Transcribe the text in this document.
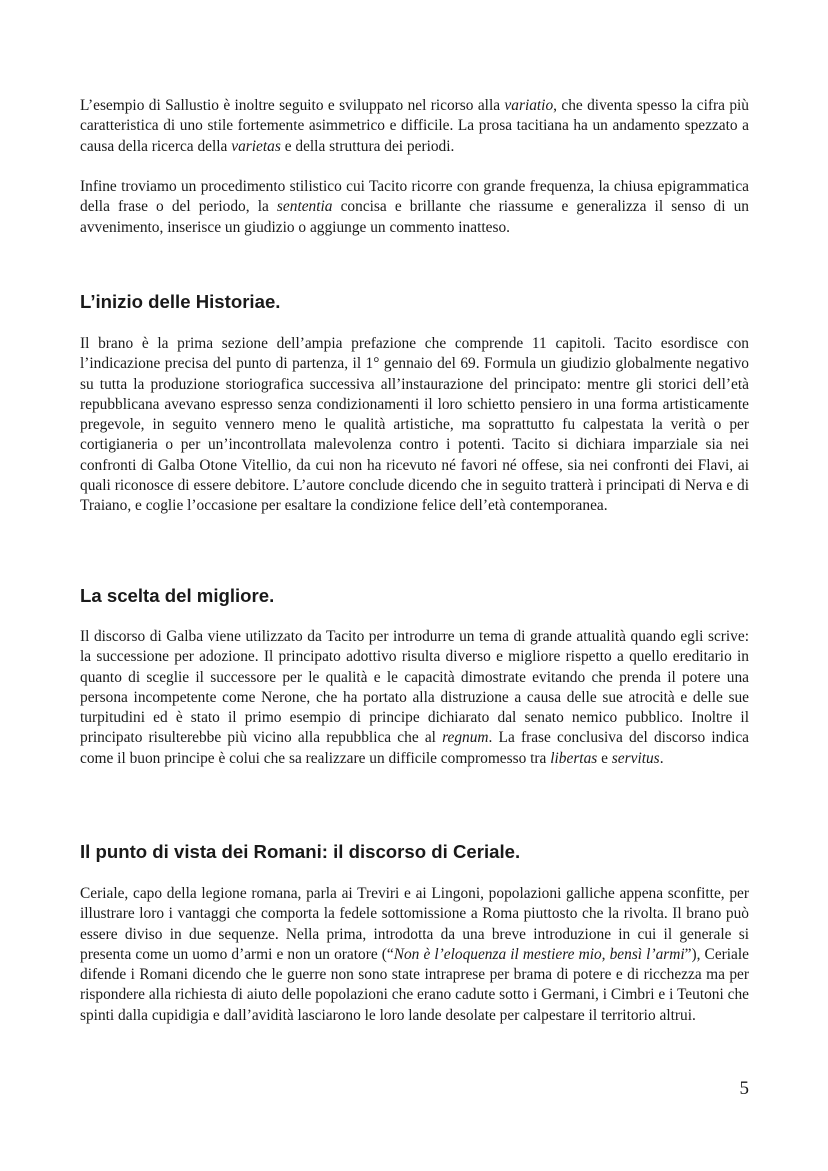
L’esempio di Sallustio è inoltre seguito e sviluppato nel ricorso alla variatio, che diventa spesso la cifra più caratteristica di uno stile fortemente asimmetrico e difficile. La prosa tacitiana ha un andamento spezzato a causa della ricerca della varietas e della struttura dei periodi.

Infine troviamo un procedimento stilistico cui Tacito ricorre con grande frequenza, la chiusa epigrammatica della frase o del periodo, la sententia concisa e brillante che riassume e generalizza il senso di un avvenimento, inserisce un giudizio o aggiunge un commento inatteso.

L’inizio delle Historiae.

Il brano è la prima sezione dell’ampia prefazione che comprende 11 capitoli. Tacito esordisce con l’indicazione precisa del punto di partenza, il 1° gennaio del 69. Formula un giudizio globalmente negativo su tutta la produzione storiografica successiva all’instaurazione del principato: mentre gli storici dell’età repubblicana avevano espresso senza condizionamenti il loro schietto pensiero in una forma artisticamente pregevole, in seguito vennero meno le qualità artistiche, ma soprattutto fu calpestata la verità o per cortigianeria o per un’incontrollata malevolenza contro i potenti. Tacito si dichiara imparziale sia nei confronti di Galba Otone Vitellio, da cui non ha ricevuto né favori né offese, sia nei confronti dei Flavi, ai quali riconosce di essere debitore. L’autore conclude dicendo che in seguito tratterà i principati di Nerva e di Traiano, e coglie l’occasione per esaltare la condizione felice dell’età contemporanea.

La scelta del migliore.

Il discorso di Galba viene utilizzato da Tacito per introdurre un tema di grande attualità quando egli scrive: la successione per adozione. Il principato adottivo risulta diverso e migliore rispetto a quello ereditario in quanto di sceglie il successore per le qualità e le capacità dimostrate evitando che prenda il potere una persona incompetente come Nerone, che ha portato alla distruzione a causa delle sue atrocità e delle sue turpitudini ed è stato il primo esempio di principe dichiarato dal senato nemico pubblico. Inoltre il principato risulterebbe più vicino alla repubblica che al regnum. La frase conclusiva del discorso indica come il buon principe è colui che sa realizzare un difficile compromesso tra libertas e servitus.

Il punto di vista dei Romani: il discorso di Ceriale.

Ceriale, capo della legione romana, parla ai Treviri e ai Lingoni, popolazioni galliche appena sconfitte, per illustrare loro i vantaggi che comporta la fedele sottomissione a Roma piuttosto che la rivolta. Il brano può essere diviso in due sequenze. Nella prima, introdotta da una breve introduzione in cui il generale si presenta come un uomo d’armi e non un oratore (“Non è l’eloquenza il mestiere mio, bensì l’armi”), Ceriale difende i Romani dicendo che le guerre non sono state intraprese per brama di potere e di ricchezza ma per rispondere alla richiesta di aiuto delle popolazioni che erano cadute sotto i Germani, i Cimbri e i Teutoni che spinti dalla cupidigia e dall’avidità lasciarono le loro lande desolate per calpestare il territorio altrui.

5
